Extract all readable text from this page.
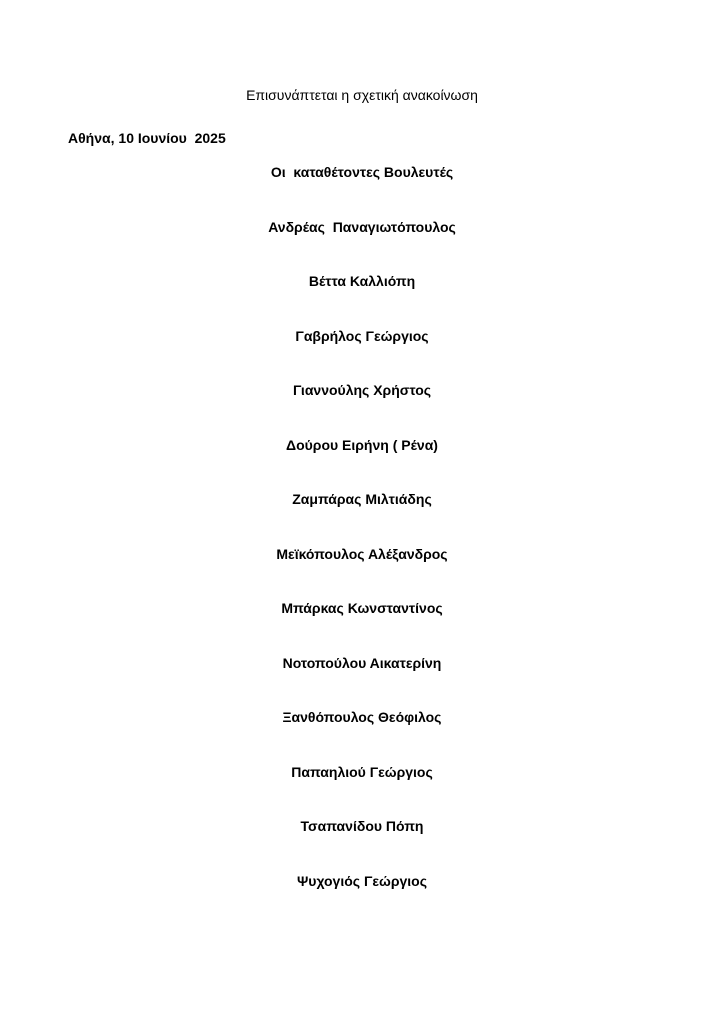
Επισυνάπτεται η σχετική ανακοίνωση
Αθήνα, 10 Ιουνίου  2025
Οι  καταθέτοντες Βουλευτές
Ανδρέας  Παναγιωτόπουλος
Βέττα Καλλιόπη
Γαβρήλος Γεώργιος
Γιαννούλης Χρήστος
Δούρου Ειρήνη ( Ρένα)
Ζαμπάρας Μιλτιάδης
Μεϊκόπουλος Αλέξανδρος
Μπάρκας Κωνσταντίνος
Νοτοπούλου Αικατερίνη
Ξανθόπουλος Θεόφιλος
Παπαηλιού Γεώργιος
Τσαπανίδου Πόπη
Ψυχογιός Γεώργιος
